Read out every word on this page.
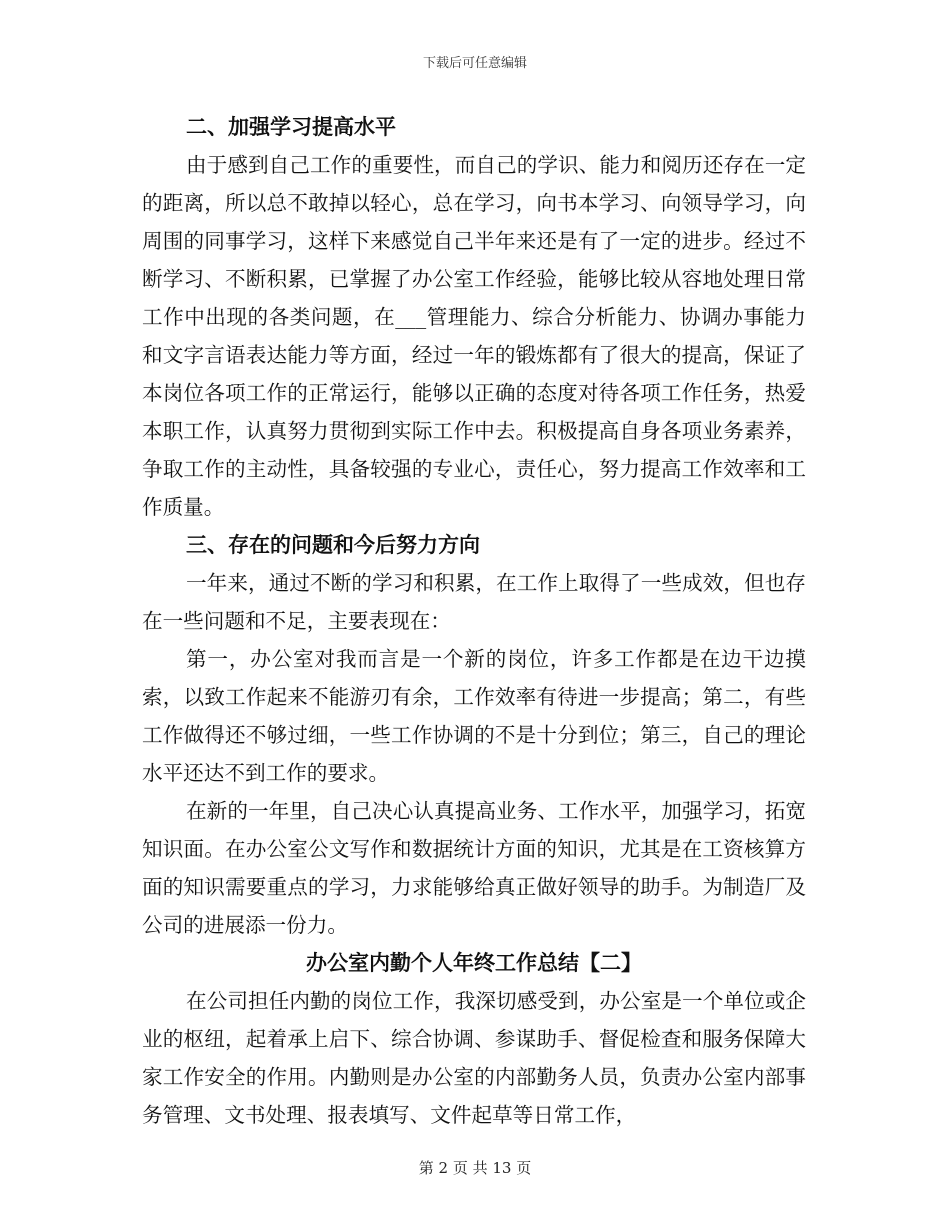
下载后可任意编辑

二、加强学习提高水平

由于感到自己工作的重要性，而自己的学识、能力和阅历还存在一定的距离，所以总不敢掉以轻心，总在学习，向书本学习、向领导学习，向周围的同事学习，这样下来感觉自己半年来还是有了一定的进步。经过不断学习、不断积累，已掌握了办公室工作经验，能够比较从容地处理日常工作中出现的各类问题，在___管理能力、综合分析能力、协调办事能力和文字言语表达能力等方面，经过一年的锻炼都有了很大的提高，保证了本岗位各项工作的正常运行，能够以正确的态度对待各项工作任务，热爱本职工作，认真努力贯彻到实际工作中去。积极提高自身各项业务素养，争取工作的主动性，具备较强的专业心，责任心，努力提高工作效率和工作质量。

三、存在的问题和今后努力方向

一年来，通过不断的学习和积累，在工作上取得了一些成效，但也存在一些问题和不足，主要表现在：

第一，办公室对我而言是一个新的岗位，许多工作都是在边干边摸索，以致工作起来不能游刃有余，工作效率有待进一步提高；第二，有些工作做得还不够过细，一些工作协调的不是十分到位；第三，自己的理论水平还达不到工作的要求。

在新的一年里，自己决心认真提高业务、工作水平，加强学习，拓宽知识面。在办公室公文写作和数据统计方面的知识，尤其是在工资核算方面的知识需要重点的学习，力求能够给真正做好领导的助手。为制造厂及公司的进展添一份力。

办公室内勤个人年终工作总结【二】

在公司担任内勤的岗位工作，我深切感受到，办公室是一个单位或企业的枢纽，起着承上启下、综合协调、参谋助手、督促检查和服务保障大家工作安全的作用。内勤则是办公室的内部勤务人员，负责办公室内部事务管理、文书处理、报表填写、文件起草等日常工作，

第 2 页 共 13 页
